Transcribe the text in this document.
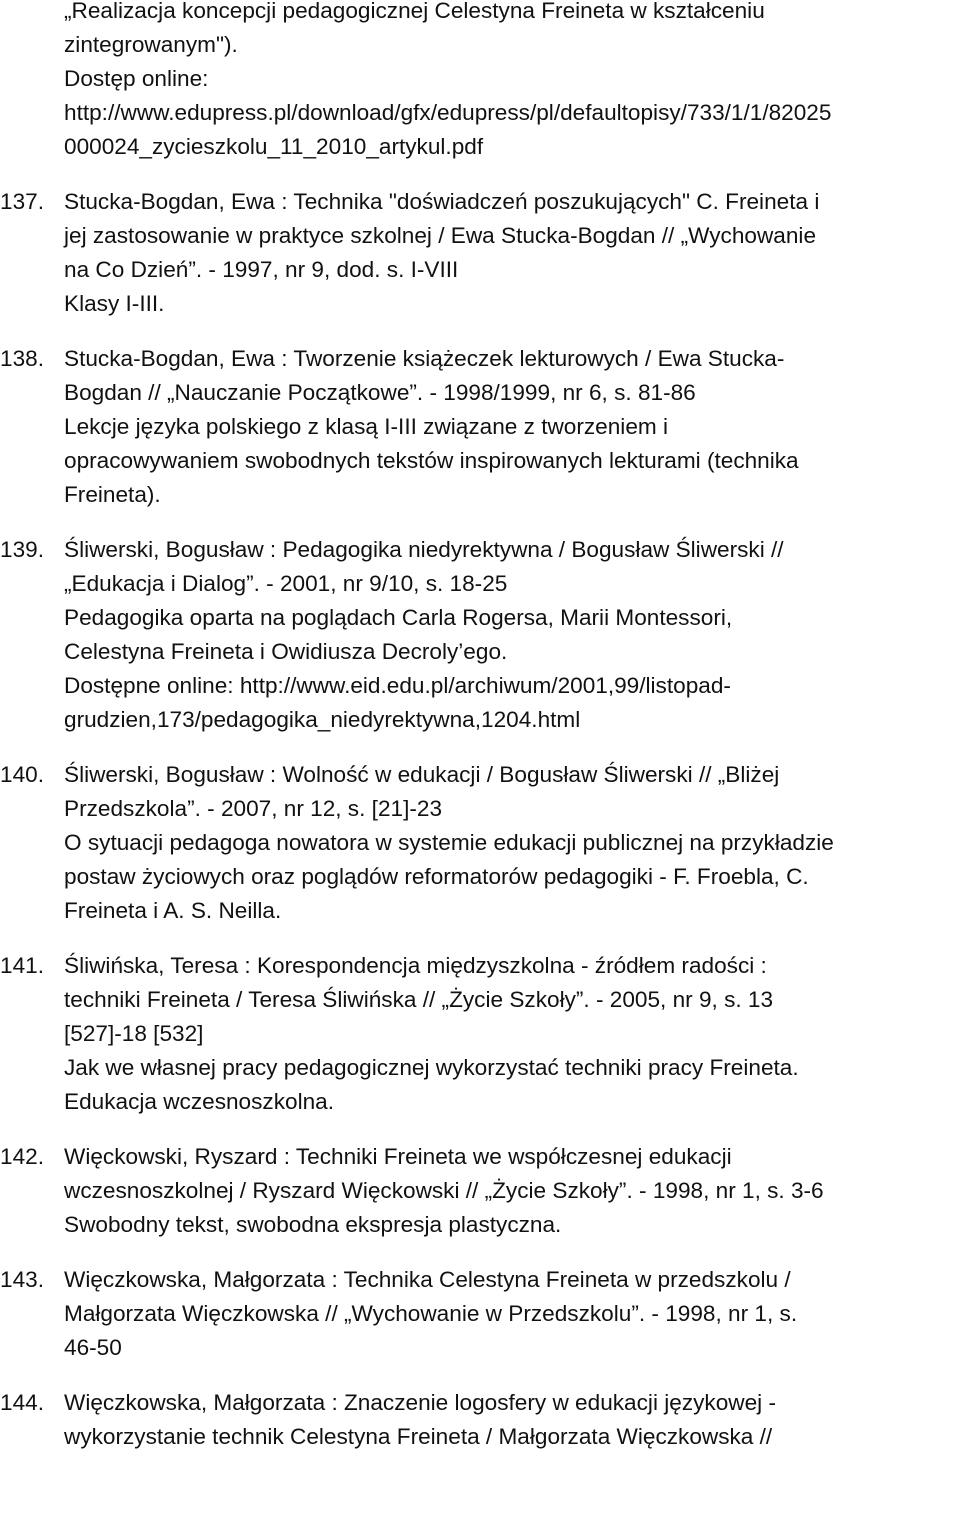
„Realizacja koncepcji pedagogicznej Celestyna Freineta w kształceniu
zintegrowanym").
Dostęp online:
http://www.edupress.pl/download/gfx/edupress/pl/defaultopisy/733/1/1/82025
000024_zycieszkolu_11_2010_artykul.pdf
137. Stucka-Bogdan, Ewa : Technika "doświadczeń poszukujących" C. Freineta i
jej zastosowanie w praktyce szkolnej / Ewa Stucka-Bogdan // „Wychowanie
na Co Dzień”. - 1997, nr 9, dod. s. I-VIII
Klasy I-III.
138. Stucka-Bogdan, Ewa : Tworzenie książeczek lekturowych / Ewa Stucka-
Bogdan // „Nauczanie Początkowe”. - 1998/1999, nr 6, s. 81-86
Lekcje języka polskiego z klasą I-III związane z tworzeniem i
opracowywaniem swobodnych tekstów inspirowanych lekturami (technika
Freineta).
139. Śliwerski, Bogusław : Pedagogika niedyrektywna / Bogusław Śliwerski //
„Edukacja i Dialog”. - 2001, nr 9/10, s. 18-25
Pedagogika oparta na poglądach Carla Rogersa, Marii Montessori,
Celestyna Freineta i Owidiusza Decroly’ego.
Dostępne online: http://www.eid.edu.pl/archiwum/2001,99/listopad-
grudzien,173/pedagogika_niedyrektywna,1204.html
140. Śliwerski, Bogusław : Wolność w edukacji / Bogusław Śliwerski // „Bliżej
Przedszkola”. - 2007, nr 12, s. [21]-23
O sytuacji pedagoga nowatora w systemie edukacji publicznej na przykładzie
postaw życiowych oraz poglądów reformatorów pedagogiki - F. Froebla, C.
Freineta i A. S. Neilla.
141. Śliwińska, Teresa : Korespondencja międzyszkolna - źródłem radości :
techniki Freineta / Teresa Śliwińska // „Życie Szkoły”. - 2005, nr 9, s. 13
[527]-18 [532]
Jak we własnej pracy pedagogicznej wykorzystać techniki pracy Freineta.
Edukacja wczesnoszkolna.
142. Więckowski, Ryszard : Techniki Freineta we współczesnej edukacji
wczesnoszkolnej / Ryszard Więckowski // „Życie Szkoły”. - 1998, nr 1, s. 3-6
Swobodny tekst, swobodna ekspresja plastyczna.
143. Więczkowska, Małgorzata : Technika Celestyna Freineta w przedszkolu /
Małgorzata Więczkowska // „Wychowanie w Przedszkolu”. - 1998, nr 1, s.
46-50
144. Więczkowska, Małgorzata : Znaczenie logosfery w edukacji językowej -
wykorzystanie technik Celestyna Freineta / Małgorzata Więczkowska //
